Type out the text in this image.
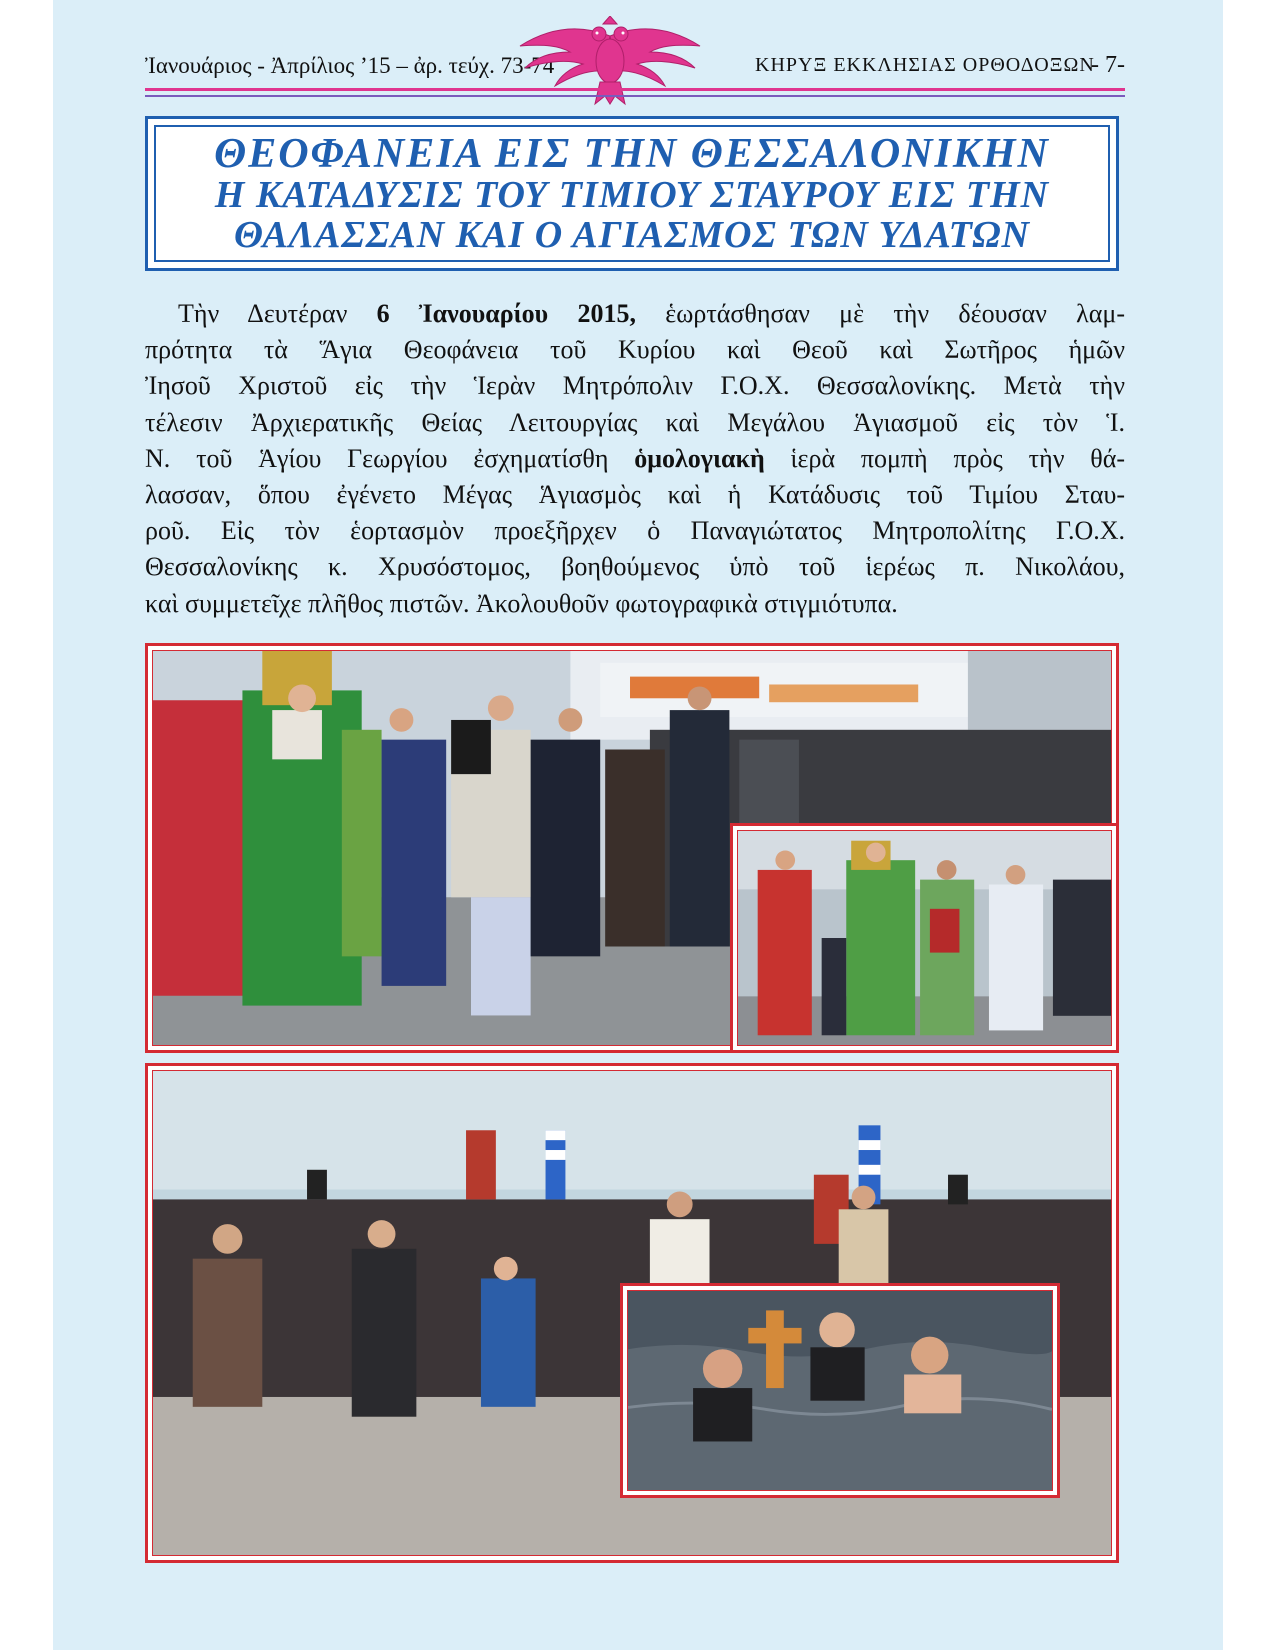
Ἰανουάριος - Ἀπρίλιος ’15 – ἀρ. τεύχ. 73-74	ΚΗΡΥΞ ΕΚΚΛΗΣΙΑΣ ΟΡΘΟΔΟΞΩΝ
- 7-
ΘΕΟΦΑΝΕΙΑ ΕΙΣ ΤΗΝ ΘΕΣΣΑΛΟΝΙΚΗΝ
Η ΚΑΤΑΔΥΣΙΣ ΤΟΥ ΤΙΜΙΟΥ ΣΤΑΥΡΟΥ ΕΙΣ ΤΗΝ
ΘΑΛΑΣΣΑΝ ΚΑΙ Ο ΑΓΙΑΣΜΟΣ ΤΩΝ ΥΔΑΤΩΝ
Τὴν Δευτέραν 6 Ἰανουαρίου 2015, ἑωρτάσθησαν μὲ τὴν δέουσαν λαμ-
πρότητα τὰ Ἅγια Θεοφάνεια τοῦ Κυρίου καὶ Θεοῦ καὶ Σωτῆρος ἡμῶν
Ἰησοῦ Χριστοῦ εἰς τὴν Ἱερὰν Μητρόπολιν Γ.Ο.Χ. Θεσσαλονίκης. Μετὰ τὴν
τέλεσιν Ἀρχιερατικῆς Θείας Λειτουργίας καὶ Μεγάλου Ἁγιασμοῦ εἰς τὸν Ἱ.
Ν. τοῦ Ἁγίου Γεωργίου ἐσχηματίσθη ὁμολογιακὴ ἱερὰ πομπὴ πρὸς τὴν θά-
λασσαν, ὅπου ἐγένετο Μέγας Ἁγιασμὸς καὶ ἡ Κατάδυσις τοῦ Τιμίου Σταυ-
ροῦ. Εἰς τὸν ἑορτασμὸν προεξῆρχεν ὁ Παναγιώτατος Μητροπολίτης Γ.Ο.Χ.
Θεσσαλονίκης κ. Χρυσόστομος, βοηθούμενος ὑπὸ τοῦ ἱερέως π. Νικολάου,
καὶ συμμετεῖχε πλῆθος πιστῶν. Ἀκολουθοῦν φωτογραφικὰ στιγμιότυπα.
